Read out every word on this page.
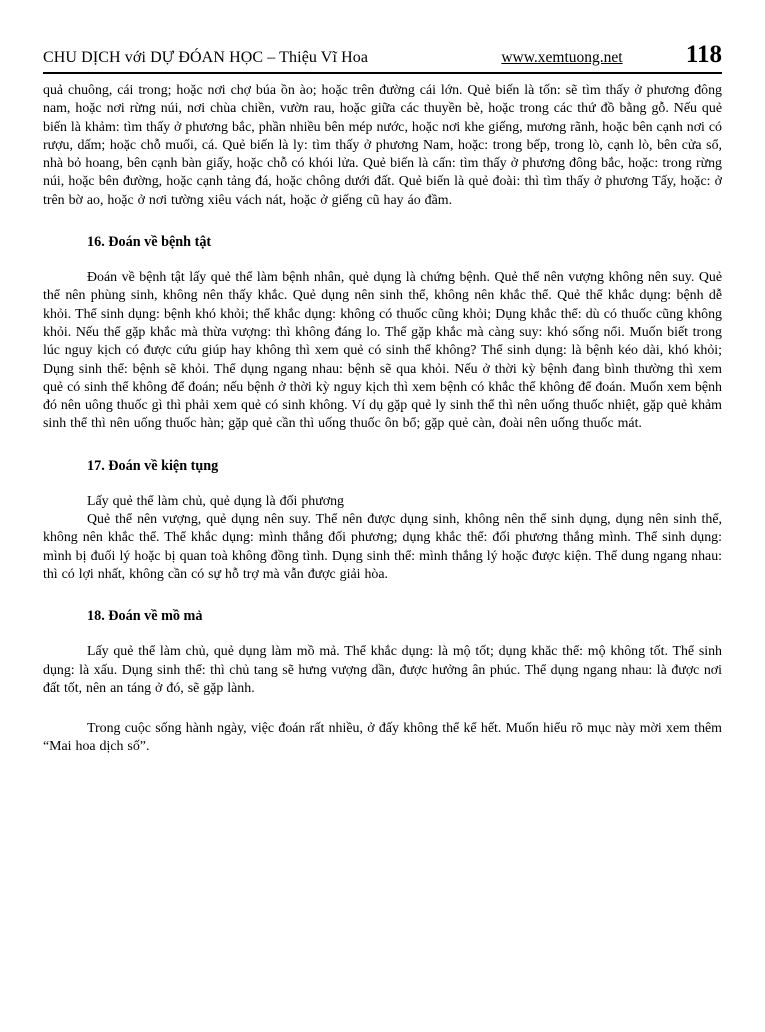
CHU DỊCH với DỰ ĐÓAN HỌC – Thiệu Vĩ Hoa	www.xemtuong.net	118

quả chuông, cái trong; hoặc nơi chợ búa ồn ào; hoặc trên đường cái lớn. Quẻ biến là tốn: sẽ tìm thấy ở phương đông nam, hoặc nơi rừng núi, nơi chùa chiền, vườn rau, hoặc giữa các thuyền bè, hoặc trong các thứ đồ bằng gỗ. Nếu quẻ biến là khảm: tìm thấy ở phương bắc, phần nhiều bên mép nước, hoặc nơi khe giếng, mương rãnh, hoặc bên cạnh nơi có rượu, dấm; hoặc chỗ muối, cá. Quẻ biến là ly: tìm thấy ở phương Nam, hoặc: trong bếp, trong lò, cạnh lò, bên cửa sổ, nhà bỏ hoang, bên cạnh bàn giấy, hoặc chỗ có khói lửa. Quẻ biến là cấn: tìm thấy ở phương đông bắc, hoặc: trong rừng núi, hoặc bên đường, hoặc cạnh tảng đá, hoặc chông dưới đất. Quẻ biến là quẻ đoài: thì tìm thấy ở phương Tấy, hoặc: ở trên bờ ao, hoặc ở nơi tường xiêu vách nát, hoặc ở giếng cũ hay áo đầm.

16. Đoán về bệnh tật

Đoán về bệnh tật lấy quẻ thể làm bệnh nhân, quẻ dụng là chứng bệnh. Quẻ thể nên vượng không nên suy. Quẻ thể nên phùng sinh, không nên thấy khắc. Quẻ dụng nên sinh thể, không nên khắc thể. Quẻ thể khắc dụng: bệnh dễ khỏi. Thể sinh dụng: bệnh khó khỏi; thể khắc dụng: không có thuốc cũng khỏi; Dụng khắc thể: dù có thuốc cũng không khỏi. Nếu thể gặp khắc mà thừa vượng: thì không đáng lo. Thể gặp khắc mà càng suy: khó sống nổi. Muốn biết trong lúc nguy kịch có được cứu giúp hay không thì xem quẻ có sinh thể không? Thể sinh dụng: là bệnh kéo dài, khó khỏi; Dụng sinh thể: bệnh sẽ khỏi. Thể dụng ngang nhau: bệnh sẽ qua khỏi. Nếu ở thời kỳ bệnh đang bình thường thì xem quẻ có sinh thể không để đoán; nếu bệnh ở thời kỳ nguy kịch thì xem bệnh có khắc thể không để đoán. Muốn xem bệnh đó nên uông thuốc gì thì phải xem quẻ có sinh không. Ví dụ gặp quẻ ly sinh thể thì nên uống thuốc nhiệt, gặp quẻ khảm sinh thể thì nên uống thuốc hàn; gặp quẻ cần thì uống thuốc ôn bổ; gặp quẻ càn, đoài nên uống thuốc mát.

17. Đoán về kiện tụng

Lấy quẻ thể làm chủ, quẻ dụng là đối phương

Quẻ thể nên vượng, quẻ dụng nên suy. Thể nên được dụng sinh, không nên thể sinh dụng, dụng nên sinh thể, không nên khắc thể. Thể khắc dụng: mình thắng đối phương; dụng khắc thể: đối phương thắng mình. Thể sinh dụng: mình bị đuối lý hoặc bị quan toà không đồng tình. Dụng sinh thể: mình thắng lý hoặc được kiện. Thể dung ngang nhau: thì có lợi nhất, không cần có sự hỗ trợ mà vẫn được giải hòa.

18. Đoán về mồ mả

Lấy quẻ thể làm chủ, quẻ dụng làm mồ mả. Thể khắc dụng: là mộ tốt; dụng khăc thể: mộ không tốt. Thể sinh dụng: là xấu. Dụng sinh thể: thì chủ tang sẽ hưng vượng dần, được hưởng ân phúc. Thể dụng ngang nhau: là được nơi đất tốt, nên an táng ở đó, sẽ gặp lành.

Trong cuộc sống hành ngày, việc đoán rất nhiều, ở đấy không thể kể hết. Muốn hiểu rõ mục này mời xem thêm “Mai hoa dịch số”.
